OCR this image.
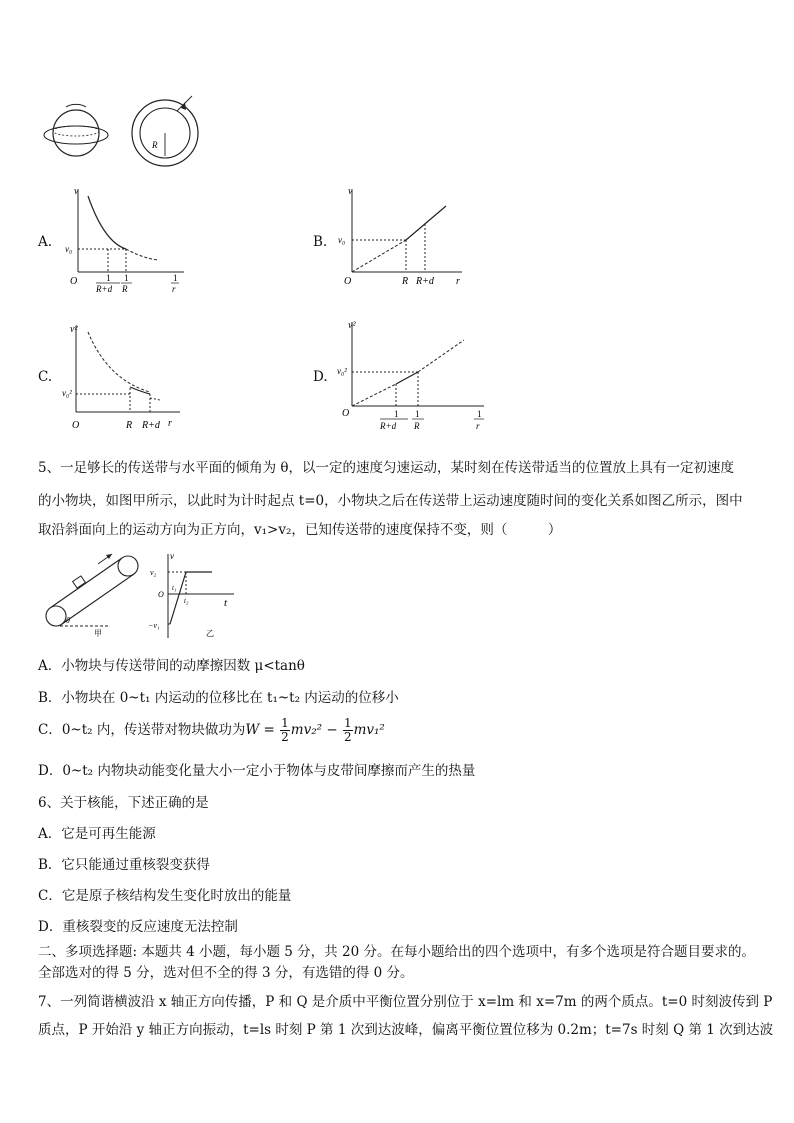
R
A.
v
v₀
O	1
R+d
1
R
1
r
B.
v
v₀
O	R R+d r
C.
v²
v₀²
O	R R+d r
D.
v²
v₀²
O	1
R+d
1
R
1
r
5、一足够长的传送带与水平面的倾角为 θ，以一定的速度匀速运动，某时刻在传送带适当的位置放上具有一定初速度
的小物块，如图甲所示，以此时为计时起点 t=0，小物块之后在传送带上运动速度随时间的变化关系如图乙所示，图中
取沿斜面向上的运动方向为正方向，v₁>v₂，已知传送带的速度保持不变，则（　　　）
θ
甲
v
v₂
O
−v₁
t₁
t₂	t
乙
A．小物块与传送带间的动摩擦因数 μ<tanθ
B．小物块在 0~t₁ 内运动的位移比在 t₁~t₂ 内运动的位移小
C．0~t₂ 内，传送带对物块做功为$W = \frac{1}{2} mv_2^2 - \frac{1}{2} mv_1^2$
D．0~t₂ 内物块动能变化量大小一定小于物体与皮带间摩擦而产生的热量
6、关于核能，下述正确的是
A．它是可再生能源
B．它只能通过重核裂变获得
C．它是原子核结构发生变化时放出的能量
D．重核裂变的反应速度无法控制
二、多项选择题: 本题共 4 小题，每小题 5 分，共 20 分。在每小题给出的四个选项中，有多个选项是符合题目要求的。
全部选对的得 5 分，选对但不全的得 3 分，有选错的得 0 分。
7、一列简谐横波沿 x 轴正方向传播，P 和 Q 是介质中平衡位置分别位于 x=lm 和 x=7m 的两个质点。t=0 时刻波传到 P
质点，P 开始沿 y 轴正方向振动，t=ls 时刻 P 第 1 次到达波峰，偏离平衡位置位移为 0.2m；t=7s 时刻 Q 第 1 次到达波
